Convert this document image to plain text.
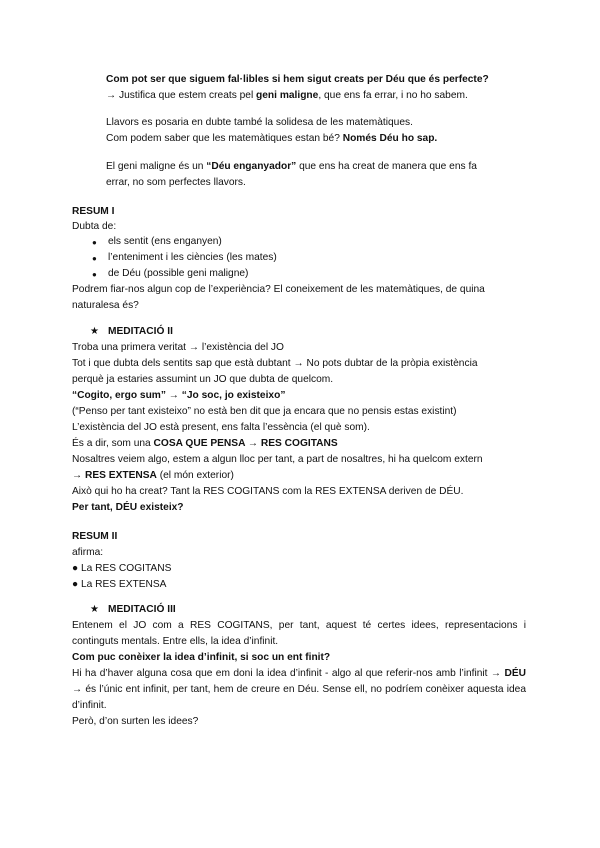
Com pot ser que siguem fal·libles si hem sigut creats per Déu que és perfecte?

→ Justifica que estem creats pel geni maligne, que ens fa errar, i no ho sabem.

Llavors es posaria en dubte també la solidesa de les matemàtiques.

Com podem saber que les matemàtiques estan bé? Només Déu ho sap.

El geni maligne és un “Déu enganyador” que ens ha creat de manera que ens fa

errar, no som perfectes llavors.

RESUM I

Dubta de:

● els sentit (ens enganyen)

● l’enteniment i les ciències (les mates)

● de Déu (possible geni maligne)

Podrem fiar-nos algun cop de l’experiència? El coneixement de les matemàtiques, de quina

naturalesa és?

★ MEDITACIÓ II

Troba una primera veritat → l’existència del JO

Tot i que dubta dels sentits sap que està dubtant → No pots dubtar de la pròpia existència

perquè ja estaries assumint un JO que dubta de quelcom.

“Cogito, ergo sum” → “Jo soc, jo existeixo”

(“Penso per tant existeixo” no està ben dit que ja encara que no pensis estas existint)

L’existència del JO està present, ens falta l’essència (el què som).

És a dir, som una COSA QUE PENSA → RES COGITANS

Nosaltres veiem algo, estem a algun lloc per tant, a part de nosaltres, hi ha quelcom extern

→ RES EXTENSA (el món exterior)

Això qui ho ha creat? Tant la RES COGITANS com la RES EXTENSA deriven de DÉU.

Per tant, DÉU existeix?

RESUM II

afirma:

● La RES COGITANS

● La RES EXTENSA

★ MEDITACIÓ III

Entenem el JO com a RES COGITANS, per tant, aquest té certes idees, representacions i continguts mentals. Entre ells, la idea d’infinit.

Com puc conèixer la idea d’infinit, si soc un ent finit?

Hi ha d’haver alguna cosa que em doni la idea d’infinit - algo al que referir-nos amb l’infinit → DÉU → és l’únic ent infinit, per tant, hem de creure en Déu. Sense ell, no podríem conèixer aquesta idea d’infinit.

Però, d’on surten les idees?
